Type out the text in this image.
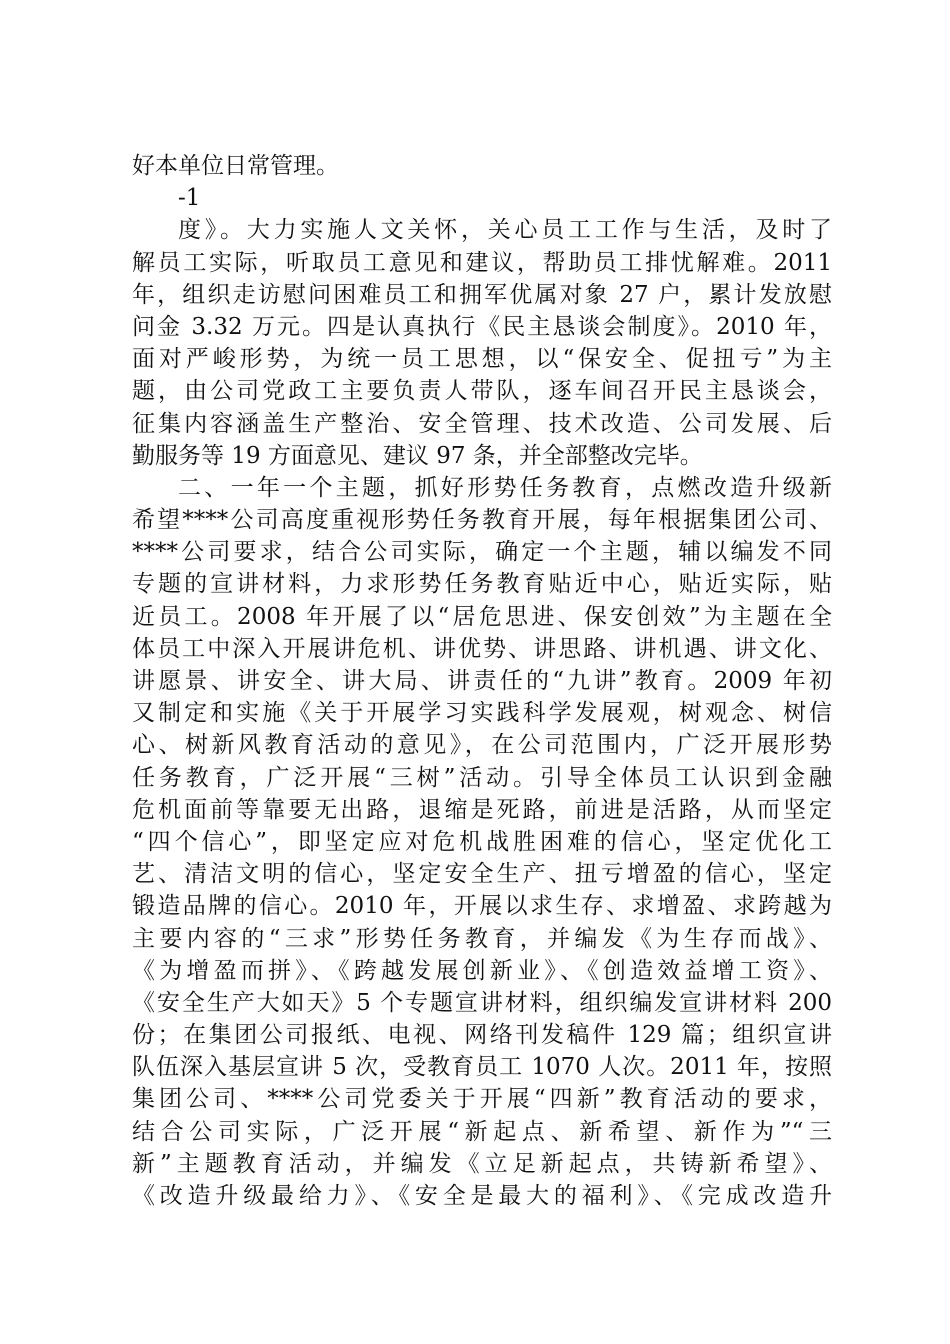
好本单位日常管理。
-1
度》。大力实施人文关怀，关心员工工作与生活，及时了
解员工实际，听取员工意见和建议，帮助员工排忧解难。2011
年，组织走访慰问困难员工和拥军优属对象 27 户，累计发放慰
问金 3.32 万元。四是认真执行《民主恳谈会制度》。2010 年，
面对严峻形势，为统一员工思想，以“保安全、促扭亏”为主
题，由公司党政工主要负责人带队，逐车间召开民主恳谈会，
征集内容涵盖生产整治、安全管理、技术改造、公司发展、后
勤服务等 19 方面意见、建议 97 条，并全部整改完毕。
二、一年一个主题，抓好形势任务教育，点燃改造升级新
希望****公司高度重视形势任务教育开展，每年根据集团公司、
****公司要求，结合公司实际，确定一个主题，辅以编发不同
专题的宣讲材料，力求形势任务教育贴近中心，贴近实际，贴
近员工。2008 年开展了以“居危思进、保安创效”为主题在全
体员工中深入开展讲危机、讲优势、讲思路、讲机遇、讲文化、
讲愿景、讲安全、讲大局、讲责任的“九讲”教育。2009 年初
又制定和实施《关于开展学习实践科学发展观，树观念、树信
心、树新风教育活动的意见》，在公司范围内，广泛开展形势
任务教育，广泛开展“三树”活动。引导全体员工认识到金融
危机面前等靠要无出路，退缩是死路，前进是活路，从而坚定
“四个信心”，即坚定应对危机战胜困难的信心，坚定优化工
艺、清洁文明的信心，坚定安全生产、扭亏增盈的信心，坚定
锻造品牌的信心。2010 年，开展以求生存、求增盈、求跨越为
主要内容的“三求”形势任务教育，并编发《为生存而战》、
《为增盈而拼》、《跨越发展创新业》、《创造效益增工资》、
《安全生产大如天》5 个专题宣讲材料，组织编发宣讲材料 200
份；在集团公司报纸、电视、网络刊发稿件 129 篇；组织宣讲
队伍深入基层宣讲 5 次，受教育员工 1070 人次。2011 年，按照
集团公司、****公司党委关于开展“四新”教育活动的要求，
结合公司实际，广泛开展“新起点、新希望、新作为”“三
新”主题教育活动，并编发《立足新起点，共铸新希望》、
《改造升级最给力》、《安全是最大的福利》、《完成改造升
